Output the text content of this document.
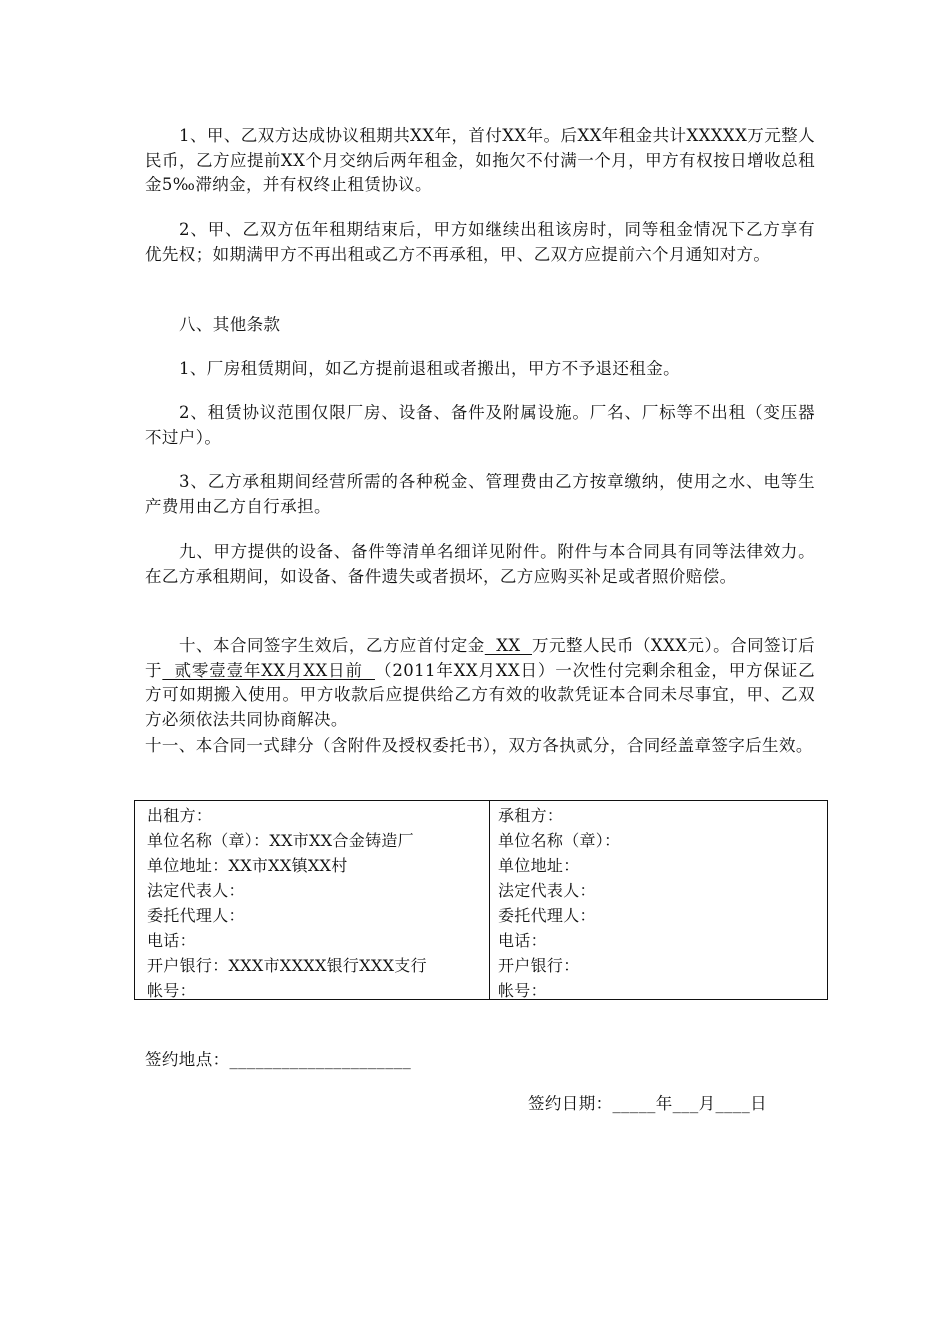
1、甲、乙双方达成协议租期共XX年，首付XX年。后XX年租金共计XXXXX万元整人民币，乙方应提前XX个月交纳后两年租金，如拖欠不付满一个月，甲方有权按日增收总租金5‰滞纳金，并有权终止租赁协议。

2、甲、乙双方伍年租期结束后，甲方如继续出租该房时，同等租金情况下乙方享有优先权；如期满甲方不再出租或乙方不再承租，甲、乙双方应提前六个月通知对方。

八、其他条款

1、厂房租赁期间，如乙方提前退租或者搬出，甲方不予退还租金。

2、租赁协议范围仅限厂房、设备、备件及附属设施。厂名、厂标等不出租（变压器不过户）。

3、乙方承租期间经营所需的各种税金、管理费由乙方按章缴纳，使用之水、电等生产费用由乙方自行承担。

九、甲方提供的设备、备件等清单名细详见附件。附件与本合同具有同等法律效力。在乙方承租期间，如设备、备件遗失或者损坏，乙方应购买补足或者照价赔偿。

十、本合同签字生效后，乙方应首付定金  XX  万元整人民币（XXX元）。合同签订后于  贰零壹壹年XX月XX日前  （2011年XX月XX日）一次性付完剩余租金，甲方保证乙方可如期搬入使用。甲方收款后应提供给乙方有效的收款凭证本合同未尽事宜，甲、乙双方必须依法共同协商解决。

十一、本合同一式肆分（含附件及授权委托书），双方各执贰分，合同经盖章签字后生效。

出租方：
单位名称（章）：XX市XX合金铸造厂
单位地址：XX市XX镇XX村
法定代表人：
委托代理人：
电话：
开户银行：XXX市XXXX银行XXX支行
帐号：
承租方：
单位名称（章）：
单位地址：
法定代表人：
委托代理人：
电话：
开户银行：
帐号：
签约地点：_____________________
签约日期：_____年___月____日
